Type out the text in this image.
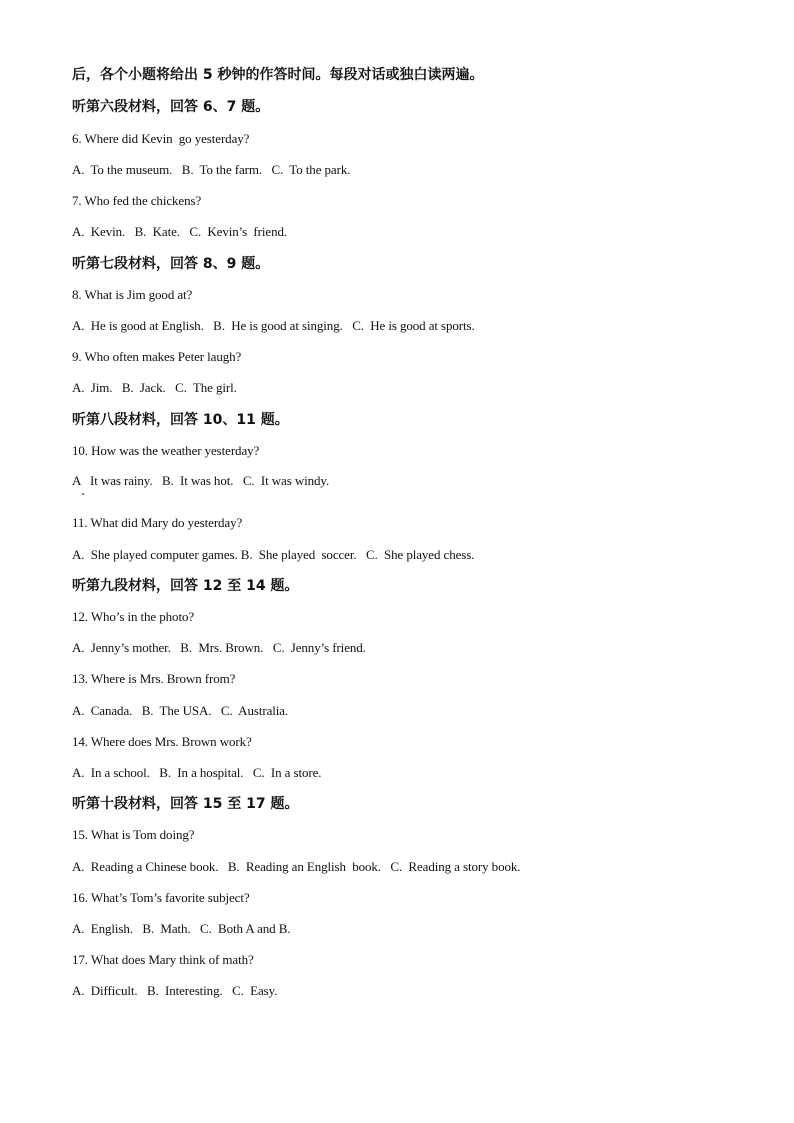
后，各个小题将给出 5 秒钟的作答时间。每段对话或独白读两遍。
听第六段材料，回答 6、7 题。
6. Where did Kevin  go yesterday?
A.  To the museum.   B.  To the farm.   C.  To the park.
7. Who fed the chickens?
A.  Kevin.   B.  Kate.   C.  Kevin’s  friend.
听第七段材料，回答 8、9 题。
8. What is Jim good at?
A.  He is good at English.   B.  He is good at singing.   C.  He is good at sports.
9. Who often makes Peter laugh?
A.  Jim.   B.  Jack.   C.  The girl.
听第八段材料，回答 10、11 题。
10. How was the weather yesterday?
A   It was rainy.   B.  It was hot.   C.  It was windy.
11. What did Mary do yesterday?
A.  She played computer games. B.  She played  soccer.   C.  She played chess.
听第九段材料，回答 12 至 14 题。
12. Who’s in the photo?
A.  Jenny’s mother.   B.  Mrs. Brown.   C.  Jenny’s friend.
13. Where is Mrs. Brown from?
A.  Canada.   B.  The USA.   C.  Australia.
14. Where does Mrs. Brown work?
A.  In a school.   B.  In a hospital.   C.  In a store.
听第十段材料，回答 15 至 17 题。
15. What is Tom doing?
A.  Reading a Chinese book.   B.  Reading an English  book.   C.  Reading a story book.
16. What’s Tom’s favorite subject?
A.  English.   B.  Math.   C.  Both A and B.
17. What does Mary think of math?
A.  Difficult.   B.  Interesting.   C.  Easy.
